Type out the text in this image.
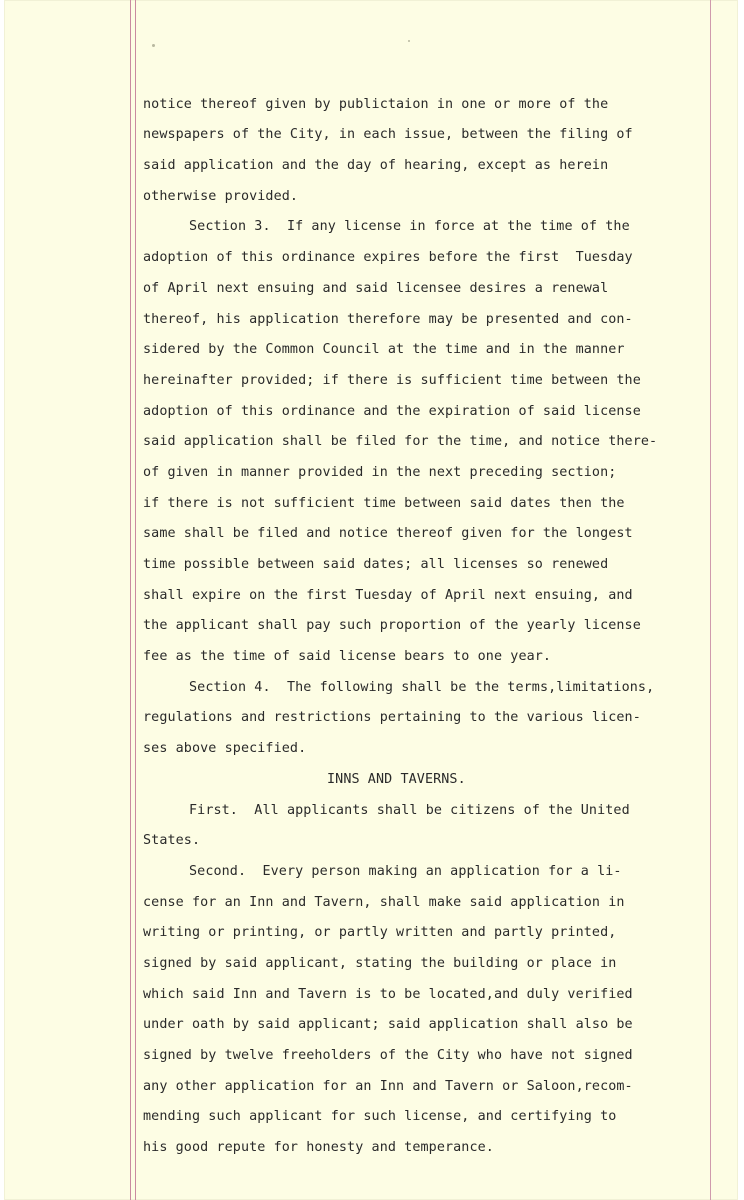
notice thereof given by publictaion in one or more of the
newspapers of the City, in each issue, between the filing of
said application and the day of hearing, except as herein
otherwise provided.
Section 3.  If any license in force at the time of the
adoption of this ordinance expires before the first  Tuesday
of April next ensuing and said licensee desires a renewal
thereof, his application therefore may be presented and con-
sidered by the Common Council at the time and in the manner
hereinafter provided; if there is sufficient time between the
adoption of this ordinance and the expiration of said license
said application shall be filed for the time, and notice there-
of given in manner provided in the next preceding section;
if there is not sufficient time between said dates then the
same shall be filed and notice thereof given for the longest
time possible between said dates; all licenses so renewed
shall expire on the first Tuesday of April next ensuing, and
the applicant shall pay such proportion of the yearly license
fee as the time of said license bears to one year.
Section 4.  The following shall be the terms,limitations,
regulations and restrictions pertaining to the various licen-
ses above specified.
INNS AND TAVERNS.
First.  All applicants shall be citizens of the United
States.
Second.  Every person making an application for a li-
cense for an Inn and Tavern, shall make said application in
writing or printing, or partly written and partly printed,
signed by said applicant, stating the building or place in
which said Inn and Tavern is to be located,and duly verified
under oath by said applicant; said application shall also be
signed by twelve freeholders of the City who have not signed
any other application for an Inn and Tavern or Saloon,recom-
mending such applicant for such license, and certifying to
his good repute for honesty and temperance.
